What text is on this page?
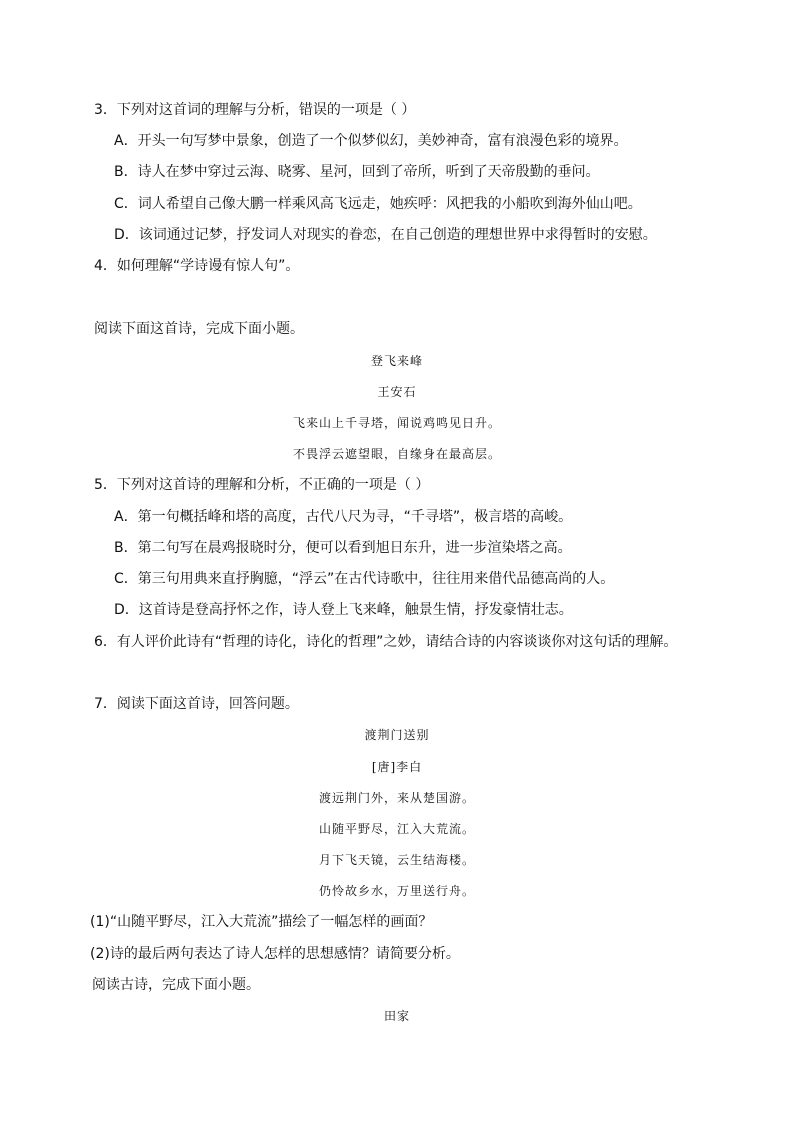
3．下列对这首词的理解与分析，错误的一项是（ ）
A．开头一句写梦中景象，创造了一个似梦似幻，美妙神奇，富有浪漫色彩的境界。
B．诗人在梦中穿过云海、晓雾、星河，回到了帝所，听到了天帝殷勤的垂问。
C．词人希望自己像大鹏一样乘风高飞远走，她疾呼：风把我的小船吹到海外仙山吧。
D．该词通过记梦，抒发词人对现实的眷恋，在自己创造的理想世界中求得暂时的安慰。
4．如何理解“学诗谩有惊人句”。
阅读下面这首诗，完成下面小题。
登飞来峰
王安石
飞来山上千寻塔，闻说鸡鸣见日升。
不畏浮云遮望眼，自缘身在最高层。
5．下列对这首诗的理解和分析，不正确的一项是（ ）
A．第一句概括峰和塔的高度，古代八尺为寻，“千寻塔”，极言塔的高峻。
B．第二句写在晨鸡报晓时分，便可以看到旭日东升，进一步渲染塔之高。
C．第三句用典来直抒胸臆，“浮云”在古代诗歌中，往往用来借代品德高尚的人。
D．这首诗是登高抒怀之作，诗人登上飞来峰，触景生情，抒发豪情壮志。
6．有人评价此诗有“哲理的诗化，诗化的哲理”之妙，请结合诗的内容谈谈你对这句话的理解。
7．阅读下面这首诗，回答问题。
渡荆门送别
[唐]李白
渡远荆门外，来从楚国游。
山随平野尽，江入大荒流。
月下飞天镜，云生结海楼。
仍怜故乡水，万里送行舟。
(1)“山随平野尽，江入大荒流”描绘了一幅怎样的画面？
(2)诗的最后两句表达了诗人怎样的思想感情？请简要分析。
阅读古诗，完成下面小题。
田家
